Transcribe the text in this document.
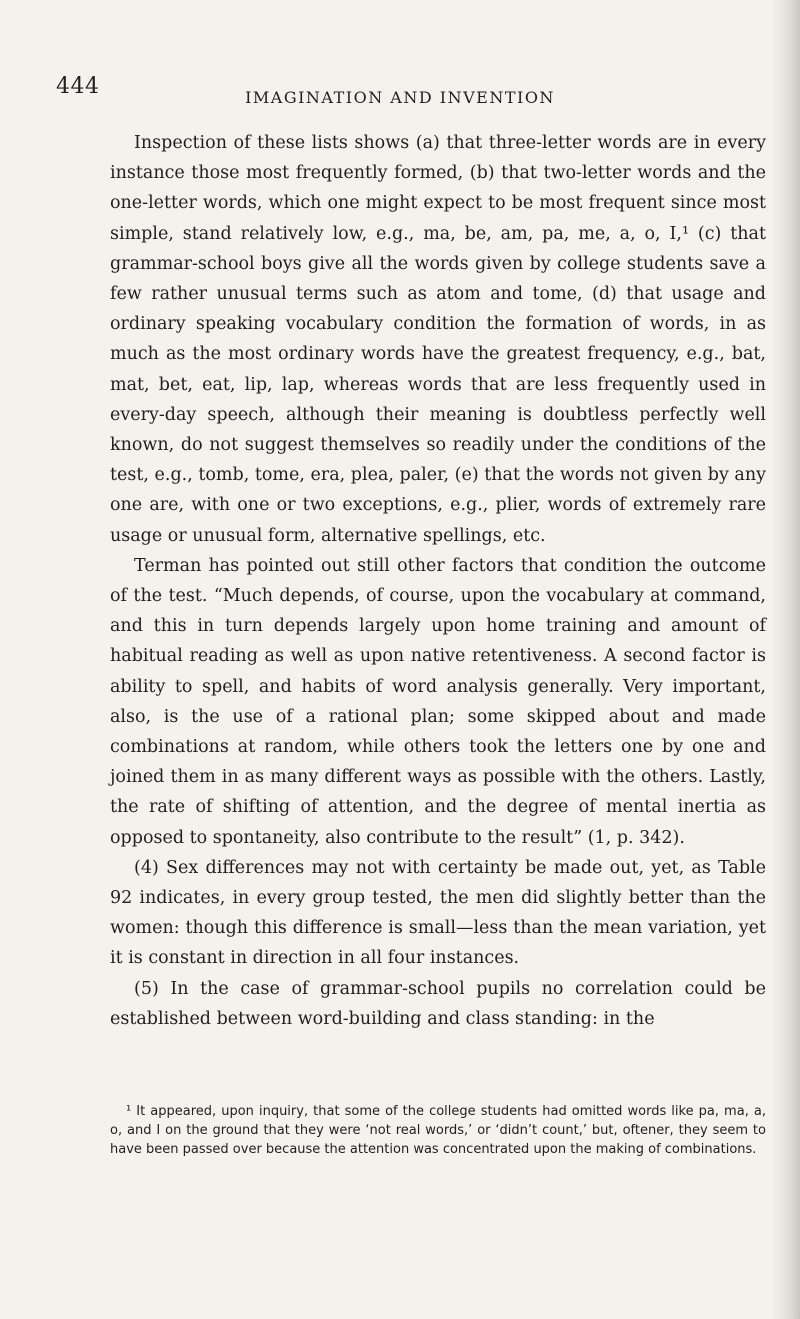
444	IMAGINATION AND INVENTION

Inspection of these lists shows (a) that three-letter words are in every instance those most frequently formed, (b) that two-letter words and the one-letter words, which one might expect to be most frequent since most simple, stand relatively low, e.g., ma, be, am, pa, me, a, o, I,¹ (c) that grammar-school boys give all the words given by college students save a few rather unusual terms such as atom and tome, (d) that usage and ordinary speaking vocabulary condition the formation of words, in as much as the most ordinary words have the greatest frequency, e.g., bat, mat, bet, eat, lip, lap, whereas words that are less frequently used in every-day speech, although their meaning is doubtless perfectly well known, do not suggest themselves so readily under the conditions of the test, e.g., tomb, tome, era, plea, paler, (e) that the words not given by any one are, with one or two exceptions, e.g., plier, words of extremely rare usage or unusual form, alternative spellings, etc.

Terman has pointed out still other factors that condition the outcome of the test. “Much depends, of course, upon the vocabulary at command, and this in turn depends largely upon home training and amount of habitual reading as well as upon native retentiveness. A second factor is ability to spell, and habits of word analysis generally. Very important, also, is the use of a rational plan; some skipped about and made combinations at random, while others took the letters one by one and joined them in as many different ways as possible with the others. Lastly, the rate of shifting of attention, and the degree of mental inertia as opposed to spontaneity, also contribute to the result” (1, p. 342).

(4) Sex differences may not with certainty be made out, yet, as Table 92 indicates, in every group tested, the men did slightly better than the women: though this difference is small—less than the mean variation, yet it is constant in direction in all four instances.

(5) In the case of grammar-school pupils no correlation could be established between word-building and class standing: in the

¹ It appeared, upon inquiry, that some of the college students had omitted words like pa, ma, a, o, and I on the ground that they were ‘not real words,’ or ‘didn’t count,’ but, oftener, they seem to have been passed over because the attention was concentrated upon the making of combinations.
